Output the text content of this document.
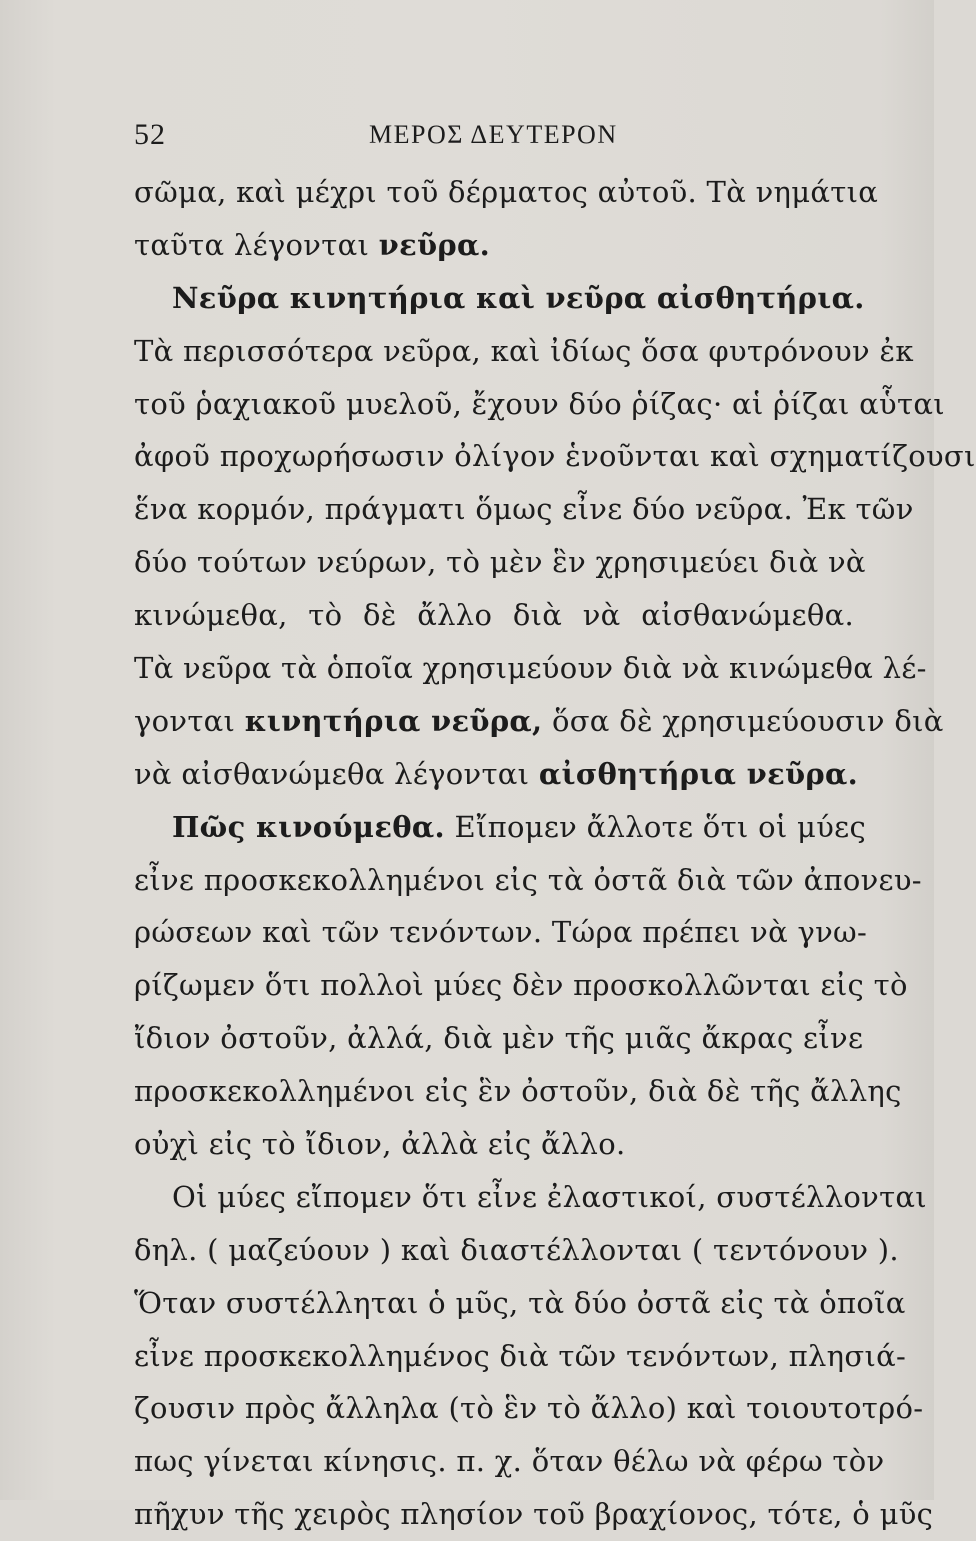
52	ΜΕΡΟΣ ΔΕΥΤΕΡΟΝ
σῶμα, καὶ μέχρι τοῦ δέρματος αὐτοῦ. Τὰ νημάτια
ταῦτα λέγονται νεῦρα.
Νεῦρα κινητήρια καὶ νεῦρα αἰσθητήρια.
Τὰ περισσότερα νεῦρα, καὶ ἰδίως ὅσα φυτρόνουν ἐκ
τοῦ ῥαχιακοῦ μυελοῦ, ἔχουν δύο ῥίζας· αἱ ῥίζαι αὗται
ἀφοῦ προχωρήσωσιν ὀλίγον ἑνοῦνται καὶ σχηματίζουσι
ἕνα κορμόν, πράγματι ὅμως εἶνε δύο νεῦρα. Ἐκ τῶν
δύο τούτων νεύρων, τὸ μὲν ἓν χρησιμεύει διὰ νὰ
κινώμεθα, τὸ δὲ ἄλλο διὰ νὰ αἰσθανώμεθα.
Τὰ νεῦρα τὰ ὁποῖα χρησιμεύουν διὰ νὰ κινώμεθα λέ-
γονται κινητήρια νεῦρα, ὅσα δὲ χρησιμεύουσιν διὰ
νὰ αἰσθανώμεθα λέγονται αἰσθητήρια νεῦρα.
Πῶς κινούμεθα. Εἴπομεν ἄλλοτε ὅτι οἱ μύες
εἶνε προσκεκολλημένοι εἰς τὰ ὀστᾶ διὰ τῶν ἀπονευ-
ρώσεων καὶ τῶν τενόντων. Τώρα πρέπει νὰ γνω-
ρίζωμεν ὅτι πολλοὶ μύες δὲν προσκολλῶνται εἰς τὸ
ἴδιον ὀστοῦν, ἀλλά, διὰ μὲν τῆς μιᾶς ἄκρας εἶνε
προσκεκολλημένοι εἰς ἓν ὀστοῦν, διὰ δὲ τῆς ἄλλης
οὐχὶ εἰς τὸ ἴδιον, ἀλλὰ εἰς ἄλλο.
Οἱ μύες εἴπομεν ὅτι εἶνε ἐλαστικοί, συστέλλονται
δηλ. ( μαζεύουν ) καὶ διαστέλλονται ( τεντόνουν ).
Ὅταν συστέλληται ὁ μῦς, τὰ δύο ὀστᾶ εἰς τὰ ὁποῖα
εἶνε προσκεκολλημένος διὰ τῶν τενόντων, πλησιά-
ζουσιν πρὸς ἄλληλα (τὸ ἓν τὸ ἄλλο) καὶ τοιουτοτρό-
πως γίνεται κίνησις. π. χ. ὅταν θέλω νὰ φέρω τὸν
πῆχυν τῆς χειρὸς πλησίον τοῦ βραχίονος, τότε, ὁ μῦς
